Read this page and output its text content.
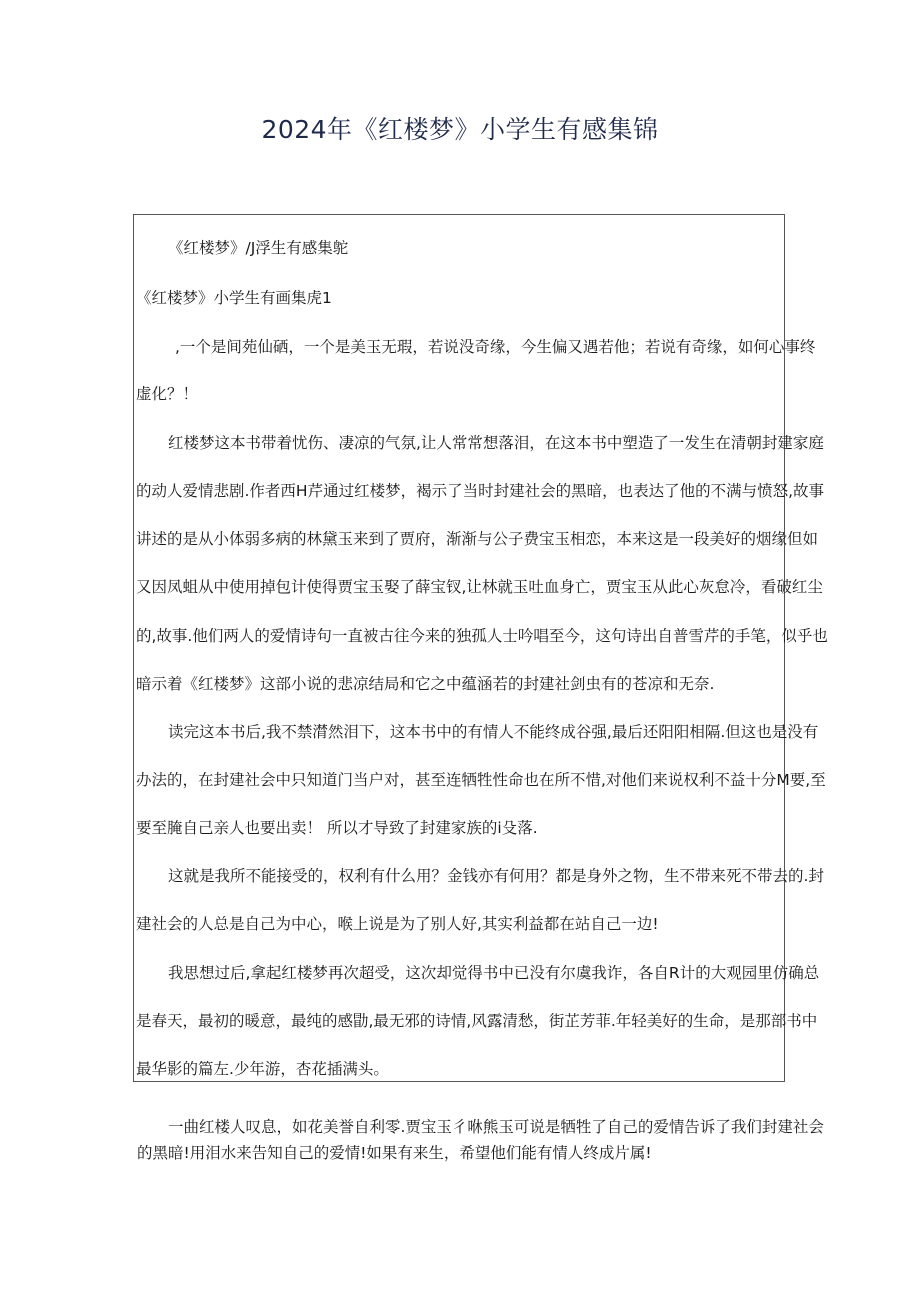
2024年《红楼梦》小学生有感集锦
《红楼梦》/J浮生有感集鸵
《红楼梦》小学生有画集虎1
,一个是间苑仙硒，一个是美玉无瑕，若说没奇缘，今生偏又遇若他；若说有奇缘，如何心事终
虚化？！
红楼梦这本书带着忧伤、凄凉的气氛,让人常常想落泪，在这本书中塑造了一发生在清朝封建家庭
的动人爱情悲剧.作者西H芹通过红楼梦，褐示了当时封建社会的黑暗，也表达了他的不满与愤怒,故事
讲述的是从小体弱多病的林黛玉来到了贾府，渐渐与公子费宝玉相恋，本来这是一段美好的烟缘但如
又因凤蛆从中使用掉包计使得贾宝玉娶了薛宝钗,让林就玉吐血身亡，贾宝玉从此心灰怠冷，看破红尘
的,故事.他们两人的爱情诗句一直被古往今来的独孤人士吟唱至今，这句诗出自普雪芹的手笔，似乎也
暗示着《红楼梦》这部小说的悲凉结局和它之中蕴涵若的封建社剑虫有的苍凉和无奈.
读完这本书后,我不禁潸然泪下，这本书中的有情人不能终成谷强,最后还阳阳相隔.但这也是没有
办法的，在封建社会中只知道门当户对，甚至连牺牲性命也在所不惜,对他们来说权利不益十分M要,至
要至腌自己亲人也要出卖！ 所以才导致了封建家族的i殳落.
这就是我所不能接受的，权利有什么用？金钱亦有何用？都是身外之物，生不带来死不带去的.封
建社会的人总是自己为中心，喉上说是为了别人好,其实利益都在站自己一边!
我思想过后,拿起红楼梦再次超受，这次却觉得书中已没有尔虞我诈，各自R计的大观园里仿确总
是春天，最初的暖意，最纯的感勖,最无邪的诗情,风露清愁，街芷芳菲.年轻美好的生命，是那部书中
最华影的篇左.少年游，杏花插满头。
一曲红楼人叹息，如花美誉自利零.贾宝玉彳咻熊玉可说是牺牲了自己的爱情告诉了我们封建社会
的黑暗!用泪水来告知自己的爱情!如果有来生，希望他们能有情人终成片属!
